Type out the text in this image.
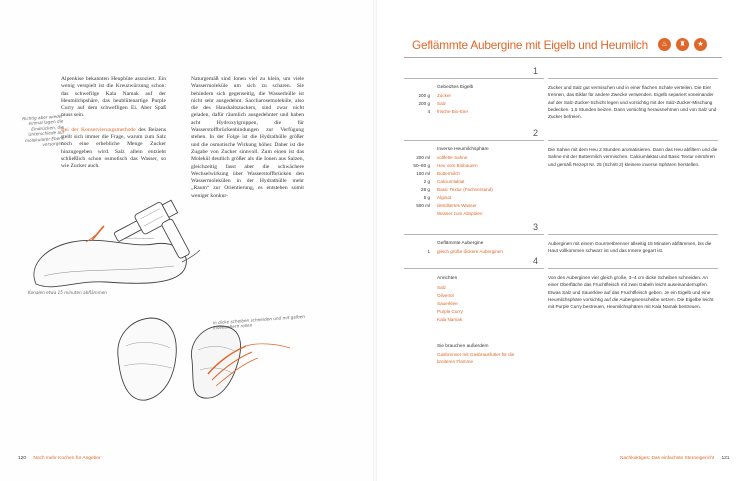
Alpenkise bekannten Heupbüte assoziert. Ein wenig verspielt ist die Kreuzwürzung schon: das schwefilge Kala Namak auf der Heumilchpshäre, das heublütenartige Purple Curry auf dem schwefligen Ei. Aber Spaß muss sein.

Bei der Konservierungsmethode des Beizens stellt sich immer die Frage, warum zum Salz noch eine erhebliche Menge Zucker hinzugegeben wird. Salz allein entzieht schließlich schon osmotisch das Wasser, so wie Zucker auch.

Naturgemäß sind Ionen viel zu klein, um viele Wassermoleküle um sich zu scharen. Sie behindern sich gegenseitig, die Wasserhülle ist nicht sehr ausgedehnt. Saccharosemoleküle, also die des Haushaltszuckers, sind zwar nicht geladen, dafür räumlich ausgedehnter und haben acht Hydroxylgruppen, die für Wasserstoffbrückenbindungen zur Verfügung stehen. In der Folge ist die Hydrathülle größer und die osmotische Wirkung höher. Daher ist die Zugabe von Zucker sinnvoll. Zum einen ist das Molekül deutlich größer als die Ionen aus Salzen, gleichzeitig fasst aber die schwächere Wechselwirkung über Wasserstoffbrücken den Wassermolekülen in der Hydrathülle mehr „Raum“ zur Orientierung, es entstehen somit weniger konkur-

Richtig aber wieder einmal lagen die Eindrücken, die Unterschiede auf molekularer Ebene versorgen.
Konalen etwa 15 minuten abflämmen
in dicke scheiben schneiden und mit gelben Eisenanhern rollen
120 Noch mehr Kochen für Angeber
Geflämmte Aubergine mit Eigelb und Heumilch	♨	♜	★
1
Gebeiztes Eigelb
200 g Zucker
200 g Salz
4 frische Bio-Eier
Zucker und Salz gut vermischen und in einer flachen Schale verteilen. Die Eier trennen, das Eiklar für andere Zwecke verwenden. Eigelb separiert voneinander auf der Salz-Zucker-Schicht legen und vorsichtig mit der Salz-Zucker-Mischung bedecken. 1,5 Stunden beizen. Dann vorsichtig herausnehmen und von Salz und Zucker befreien.
2
Inverse Heumilchsphäre
200 ml vollfette Sahne
50–80 g Heu vom Biobauern
100 ml Buttermilch
2 g Calciumlaktat
28 g Basic Textur (Fachversand)
5 g Alginat
500 ml destilliertes Wasser
Wasser zum Abspülen
Die Sahne mit dem Heu 2 Stunden aromatisieren. Dann das Heu abfiltern und die Sahne mit der Buttermilch vermischen. Calciumlaktat und Basic Textur einrühren und gemäß Rezept Nr. 25 (Schritt 2) kleinere inverse Sphären herstellen.
3
Geflämmte Aubergine
1 gleich große dickere Auberginen
Auberginen mit einem Gourmetbrenner allseitig 15 Minuten abflämmen, bis die Haut vollkommen schwarz ist und das Innere gegart ist.
4
Anrichten
Salz
Olivenöl
Sauerklee
Purple Curry
Kala Namak
Von den Auberginen vier gleich große, 3–4 cm dicke Scheiben schneiden. An einer Oberfläche das Fruchtfleisch mit zwei Gabeln leicht auseinanderrupfen. Etwas Salz und Sauerklee auf das Fruchtfleisch geben. Je ein Eigelb und eine Heumilchsphäre vorsichtig auf die Auberginenscheibe setzen. Die Eigelbe leicht mit Purple Curry bestreuen, Heumilchsphären mit Kala Namak bestreuen.
Sie brauchen außerdem
Gasbrenner mit Gasbrausfutter für die breiteren Flamme
Nachkoktiges: Das einfachste Sterneigericht 121
